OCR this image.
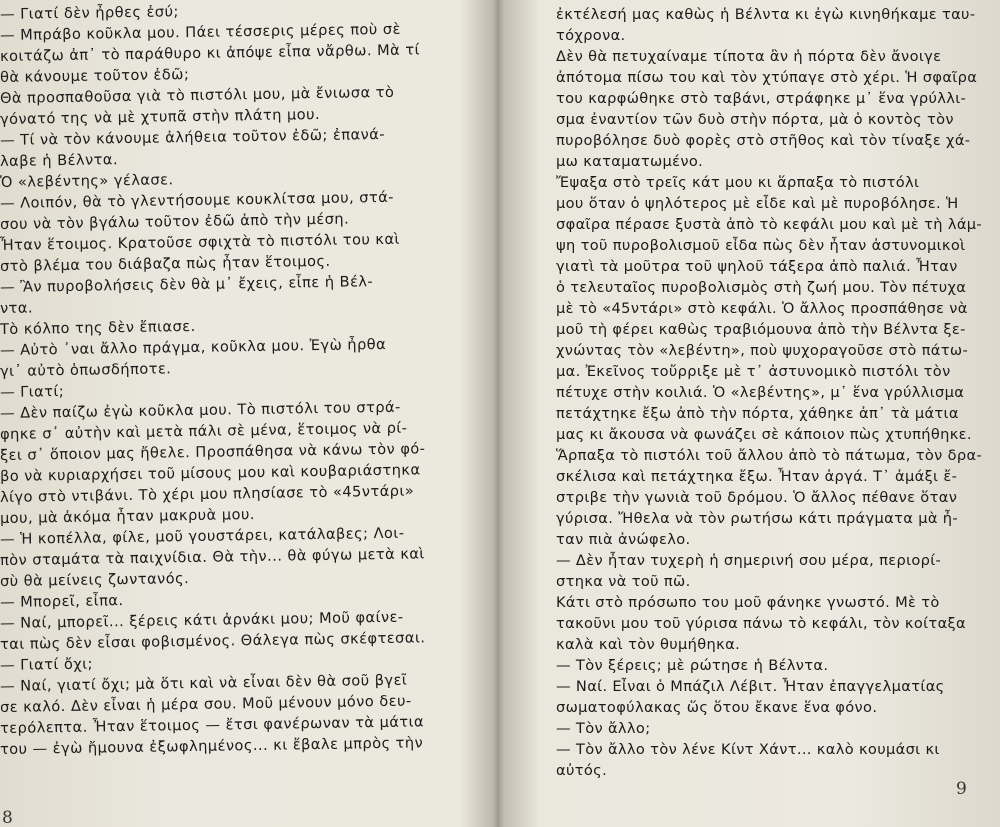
— Γιατί δὲν ἦρθες ἐσύ;
— Μπράβο κοῦκλα μου. Πάει τέσσερις μέρες ποὺ σὲ
κοιτάζω ἀπ᾽ τὸ παράθυρο κι ἀπόψε εἶπα νἄρθω. Μὰ τί
θὰ κάνουμε τοῦτον ἐδῶ;
Θὰ προσπαθοῦσα γιὰ τὸ πιστόλι μου, μὰ ἔνιωσα τὸ
γόνατό της νὰ μὲ χτυπᾶ στὴν πλάτη μου.
— Τί νὰ τὸν κάνουμε ἀλήθεια τοῦτον ἐδῶ; ἐπανά-
λαβε ἡ Βέλντα.
Ὁ «λεβέντης» γέλασε.
— Λοιπόν, θὰ τὸ γλεντήσουμε κουκλίτσα μου, στά-
σου νὰ τὸν βγάλω τοῦτον ἐδῶ ἀπὸ τὴν μέση.
Ἦταν ἕτοιμος. Κρατοῦσε σφιχτὰ τὸ πιστόλι του καὶ
στὸ βλέμα του διάβαζα πὼς ἦταν ἕτοιμος.
— Ἂν πυροβολήσεις δὲν θὰ μ᾽ ἔχεις, εἶπε ἡ Βέλ-
ντα.
Τὸ κόλπο της δὲν ἔπιασε.
— Αὐτὸ ᾽ναι ἄλλο πράγμα, κοῦκλα μου. Ἐγὼ ἦρθα
γι᾽ αὐτὸ ὁπωσδήποτε.
— Γιατί;
— Δὲν παίζω ἐγὼ κοῦκλα μου. Τὸ πιστόλι του στρά-
φηκε σ᾽ αὐτὴν καὶ μετὰ πάλι σὲ μένα, ἕτοιμος νὰ ρί-
ξει σ᾽ ὅποιον μας ἤθελε. Προσπάθησα νὰ κάνω τὸν φό-
βο νὰ κυριαρχήσει τοῦ μίσους μου καὶ κουβαριάστηκα
λίγο στὸ ντιβάνι. Τὸ χέρι μου πλησίασε τὸ «45ντάρι»
μου, μὰ ἀκόμα ἦταν μακρυὰ μου.
— Ἡ κοπέλλα, φίλε, μοῦ γουστάρει, κατάλαβες; Λοι-
πὸν σταμάτα τὰ παιχνίδια. Θὰ τὴν... θὰ φύγω μετὰ καὶ
σὺ θὰ μείνεις ζωντανός.
— Μπορεῖ, εἶπα.
— Ναί, μπορεῖ... ξέρεις κάτι ἀρνάκι μου; Μοῦ φαίνε-
ται πὼς δὲν εἶσαι φοβισμένος. Θάλεγα πὼς σκέφτεσαι.
— Γιατί ὄχι;
— Ναί, γιατί ὄχι; μὰ ὅτι καὶ νὰ εἶναι δὲν θὰ σοῦ βγεῖ
σε καλό. Δὲν εἶναι ἡ μέρα σου. Μοῦ μένουν μόνο δευ-
τερόλεπτα. Ἦταν ἕτοιμος — ἔτσι φανέρωναν τὰ μάτια
του — ἐγὼ ἤμουνα ἐξωφλημένος... κι ἔβαλε μπρὸς τὴν
8
ἐκτέλεσή μας καθὼς ἡ Βέλντα κι ἐγὼ κινηθήκαμε ταυ-
τόχρονα.
Δὲν θὰ πετυχαίναμε τίποτα ἂν ἡ πόρτα δὲν ἄνοιγε
ἀπότομα πίσω του καὶ τὸν χτύπαγε στὸ χέρι. Ἡ σφαῖρα
του καρφώθηκε στὸ ταβάνι, στράφηκε μ᾽ ἕνα γρύλλι-
σμα ἐναντίον τῶν δυὸ στὴν πόρτα, μὰ ὁ κοντὸς τὸν
πυροβόλησε δυὸ φορὲς στὸ στῆθος καὶ τὸν τίναξε χά-
μω καταματωμένο.
Ἔψαξα στὸ τρεῖς κάτ μου κι ἅρπαξα τὸ πιστόλι
μου ὅταν ὁ ψηλότερος μὲ εἶδε καὶ μὲ πυροβόλησε. Ἡ
σφαῖρα πέρασε ξυστὰ ἀπὸ τὸ κεφάλι μου καὶ μὲ τὴ λάμ-
ψη τοῦ πυροβολισμοῦ εἶδα πὼς δὲν ἦταν ἀστυνομικοὶ
γιατὶ τὰ μοῦτρα τοῦ ψηλοῦ τάξερα ἀπὸ παλιά. Ἦταν
ὁ τελευταῖος πυροβολισμὸς στὴ ζωή μου. Τὸν πέτυχα
μὲ τὸ «45ντάρι» στὸ κεφάλι. Ὁ ἄλλος προσπάθησε νὰ
μοῦ τὴ φέρει καθὼς τραβιόμουνα ἀπὸ τὴν Βέλντα ξε-
χνώντας τὸν «λεβέντη», ποὺ ψυχοραγοῦσε στὸ πάτω-
μα. Ἐκεῖνος τοὔρριξε μὲ τ᾽ ἀστυνομικὸ πιστόλι τὸν
πέτυχε στὴν κοιλιά. Ὁ «λεβέντης», μ᾽ ἕνα γρύλλισμα
πετάχτηκε ἔξω ἀπὸ τὴν πόρτα, χάθηκε ἀπ᾽ τὰ μάτια
μας κι ἄκουσα νὰ φωνάζει σὲ κάποιον πὼς χτυπήθηκε.
Ἅρπαξα τὸ πιστόλι τοῦ ἄλλου ἀπὸ τὸ πάτωμα, τὸν δρα-
σκέλισα καὶ πετάχτηκα ἔξω. Ἦταν ἀργά. Τ᾽ ἀμάξι ἔ-
στριβε τὴν γωνιὰ τοῦ δρόμου. Ὁ ἄλλος πέθανε ὅταν
γύρισα. Ἤθελα νὰ τὸν ρωτήσω κάτι πράγματα μὰ ἦ-
ταν πιὰ ἀνώφελο.
— Δὲν ἦταν τυχερὴ ἡ σημερινή σου μέρα, περιορί-
στηκα νὰ τοῦ πῶ.
Κάτι στὸ πρόσωπο του μοῦ φάνηκε γνωστό. Μὲ τὸ
τακοῦνι μου τοῦ γύρισα πάνω τὸ κεφάλι, τὸν κοίταξα
καλὰ καὶ τὸν θυμήθηκα.
— Τὸν ξέρεις; μὲ ρώτησε ἡ Βέλντα.
— Ναί. Εἶναι ὁ Μπάζιλ Λέβιτ. Ἦταν ἐπαγγελματίας
σωματοφύλακας ὥς ὅτου ἔκανε ἕνα φόνο.
— Τὸν ἄλλο;
— Τὸν ἄλλο τὸν λένε Κίντ Χάντ... καλὸ κουμάσι κι
αὐτός.
9
